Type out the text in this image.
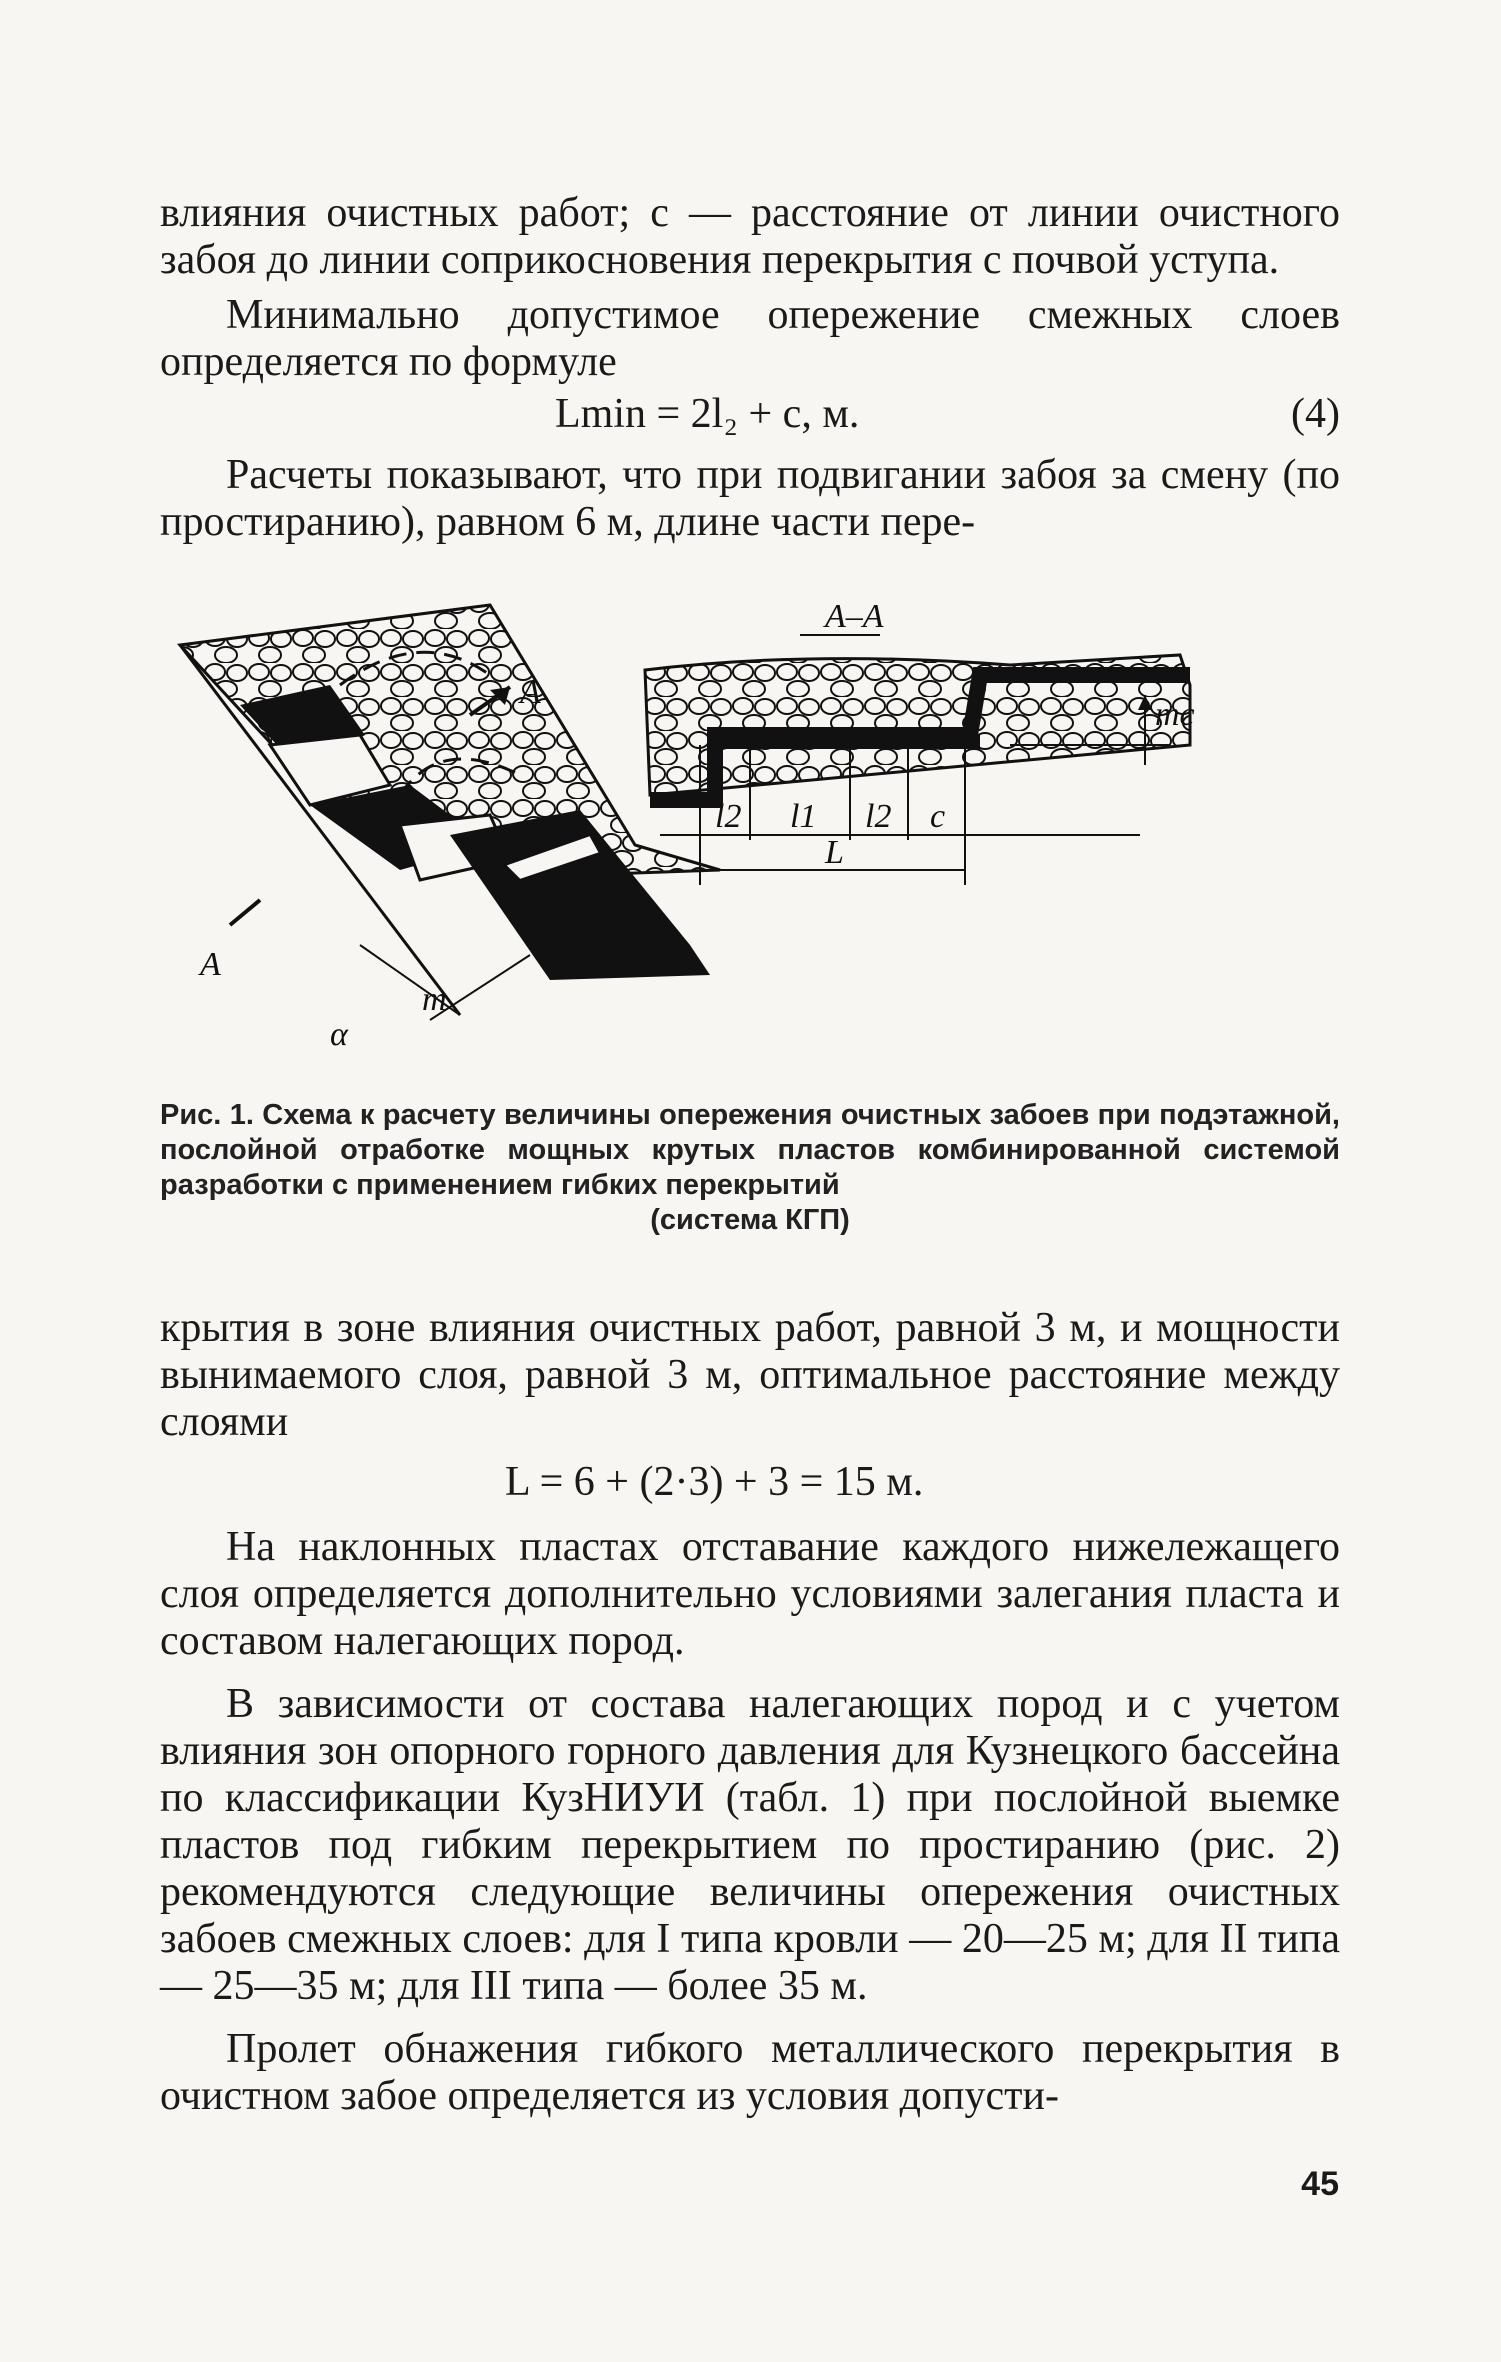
влияния очистных работ; c — расстояние от линии очистного забоя до линии соприкосновения перекрытия с почвой уступа.

Минимально допустимое опережение смежных слоев определяется по формуле

Lmin = 2l₂ + c, м.	(4)

Расчеты показывают, что при подвигании забоя за смену (по простиранию), равном 6 м, длине части пере-

А
А
α
m
А–А
mc
l2 l1 l2 c
L
Рис. 1. Схема к расчету величины опережения очистных забоев при подэтажной, послойной отработке мощных крутых пластов комбинированной системой разработки с применением гибких перекрытий
(система КГП)

крытия в зоне влияния очистных работ, равной 3 м, и мощности вынимаемого слоя, равной 3 м, оптимальное расстояние между слоями

L = 6 + (2·3) + 3 = 15 м.

На наклонных пластах отставание каждого нижележащего слоя определяется дополнительно условиями залегания пласта и составом налегающих пород.

В зависимости от состава налегающих пород и с учетом влияния зон опорного горного давления для Кузнецкого бассейна по классификации КузНИУИ (табл. 1) при послойной выемке пластов под гибким перекрытием по простиранию (рис. 2) рекомендуются следующие величины опережения очистных забоев смежных слоев: для I типа кровли — 20—25 м; для II типа — 25—35 м; для III типа — более 35 м.

Пролет обнажения гибкого металлического перекрытия в очистном забое определяется из условия допусти-

45
